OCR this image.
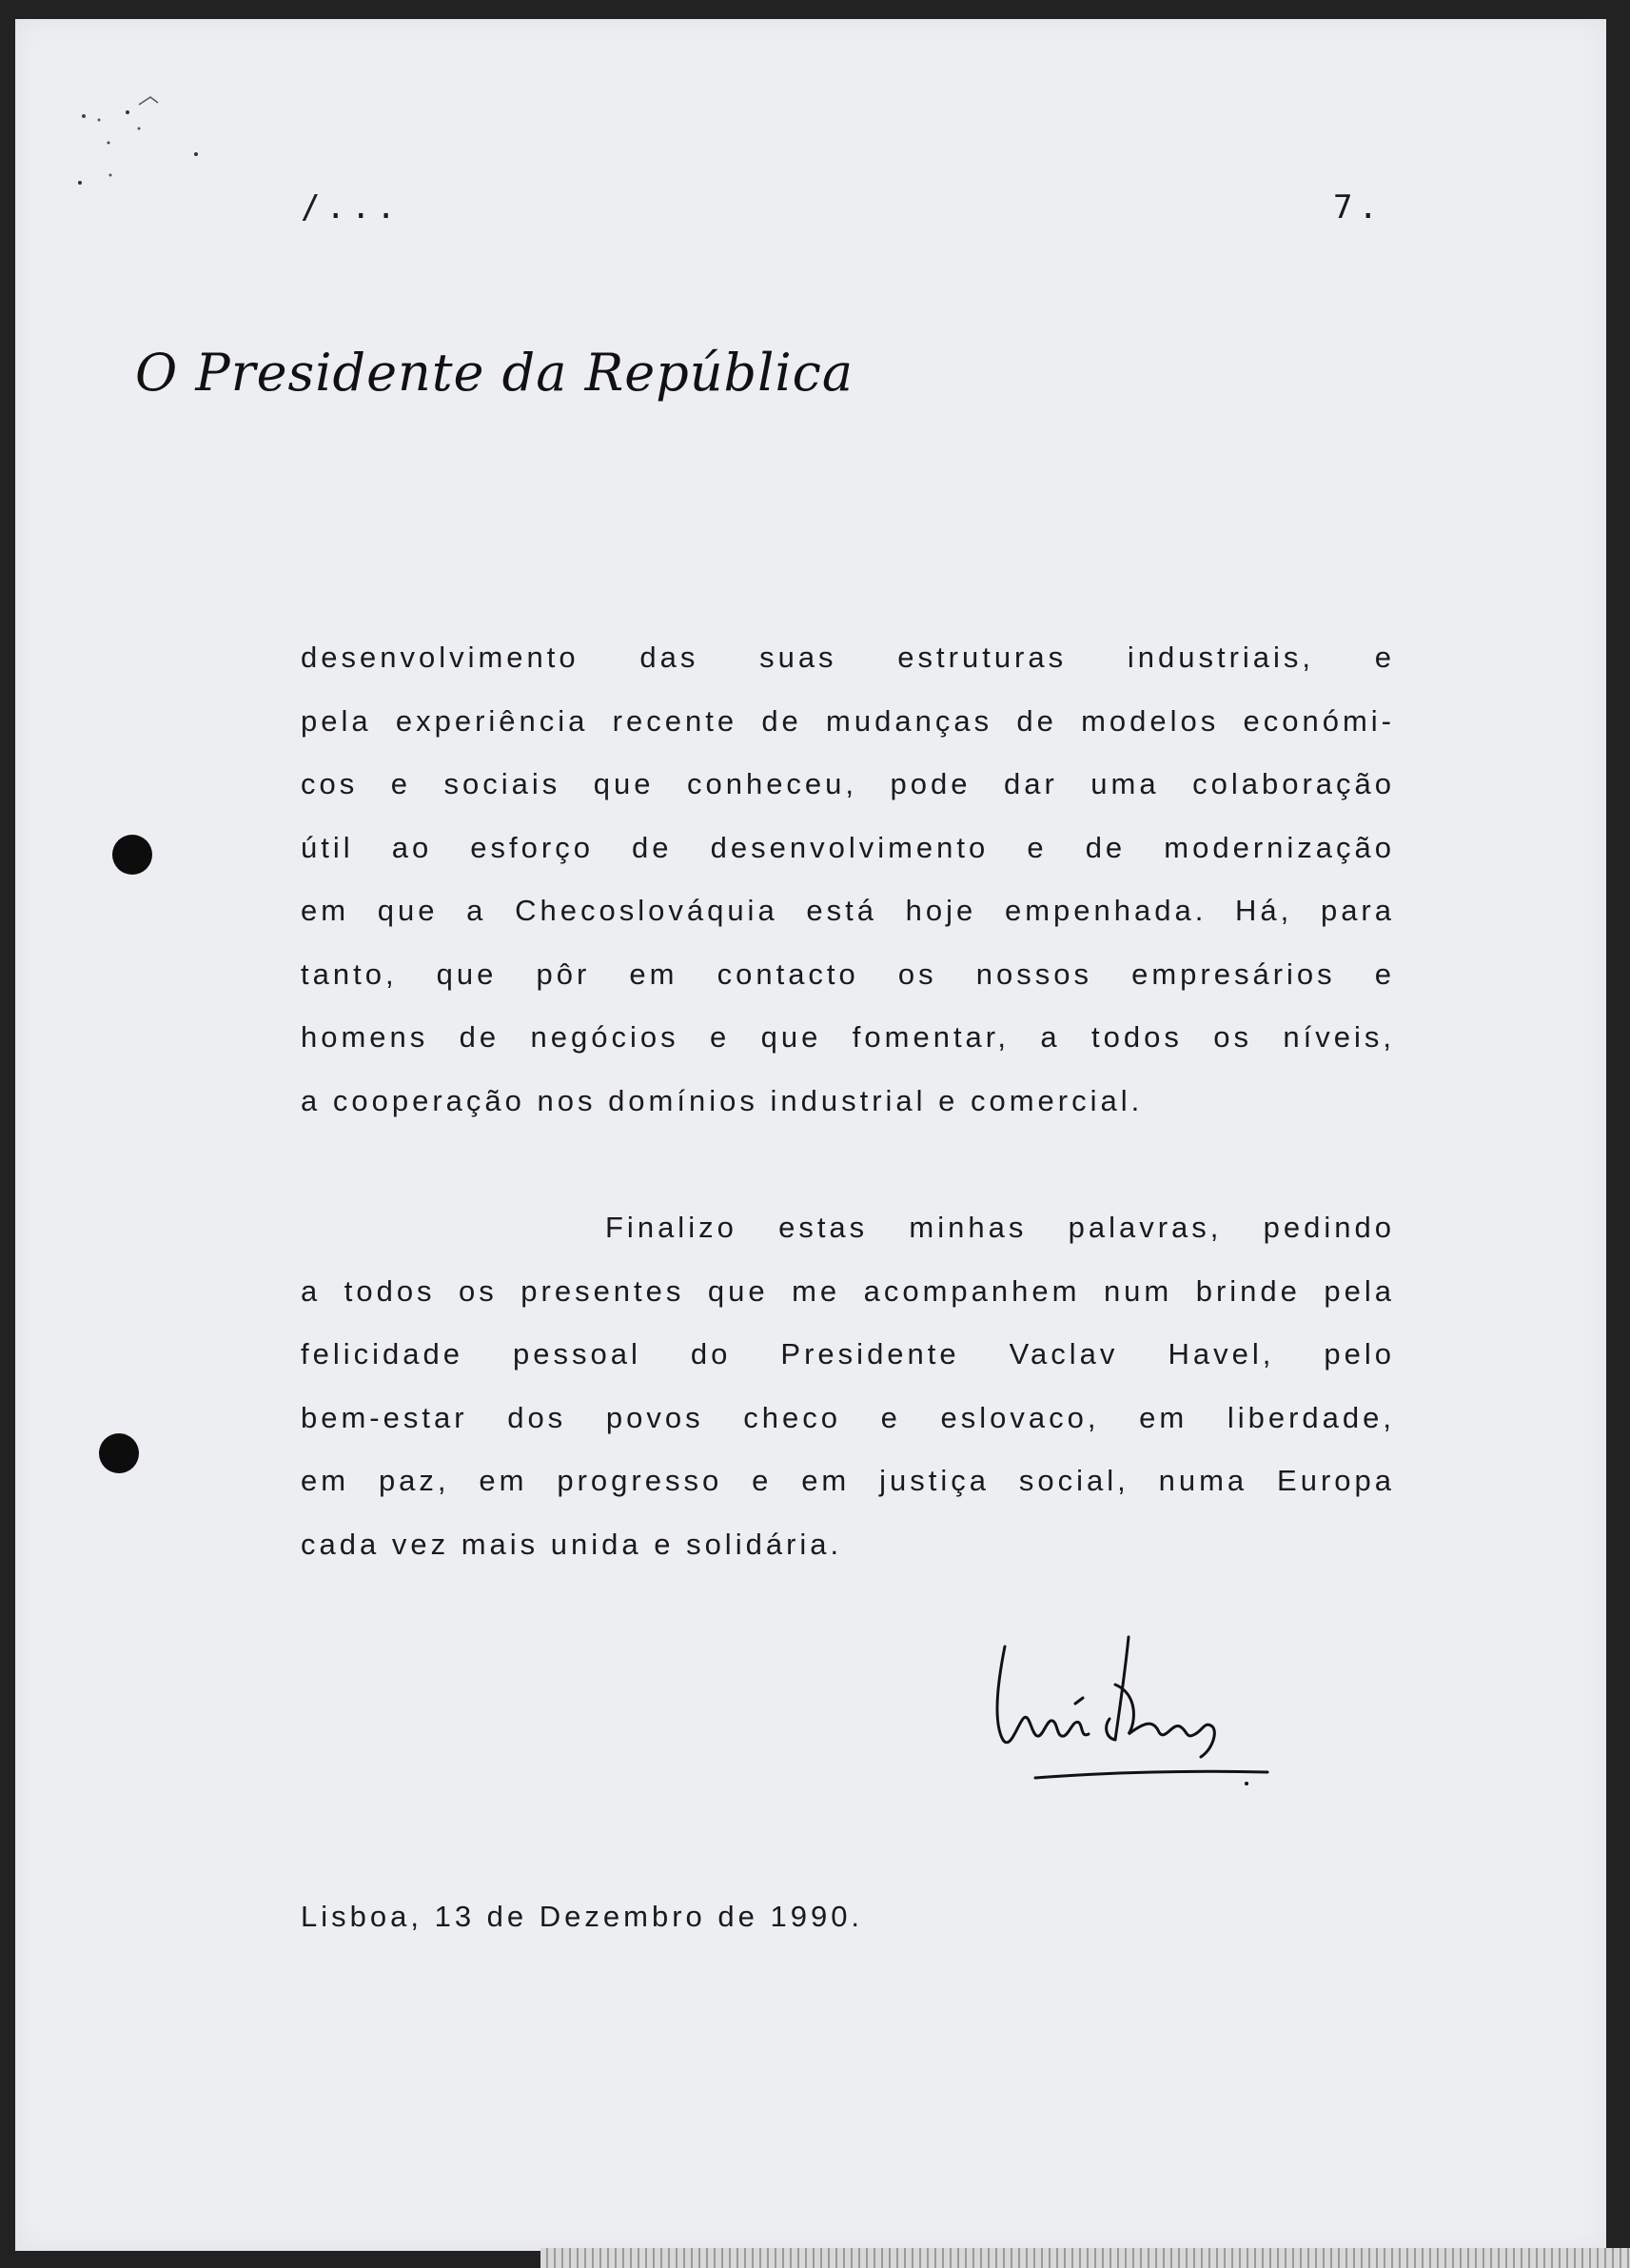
/...	7.
O Presidente da República
desenvolvimento das suas estruturas industriais, e
pela experiência recente de mudanças de modelos económi-
cos e sociais que conheceu, pode dar uma colaboração
útil ao esforço de desenvolvimento e de modernização
em que a Checoslováquia está hoje empenhada. Há, para
tanto, que pôr em contacto os nossos empresários e
homens de negócios e que fomentar, a todos os níveis,
a cooperação nos domínios industrial e comercial.
Finalizo estas minhas palavras, pedindo
a todos os presentes que me acompanhem num brinde pela
felicidade pessoal do Presidente Vaclav Havel, pelo
bem-estar dos povos checo e eslovaco, em liberdade,
em paz, em progresso e em justiça social, numa Europa
cada vez mais unida e solidária.
Lisboa, 13 de Dezembro de 1990.
